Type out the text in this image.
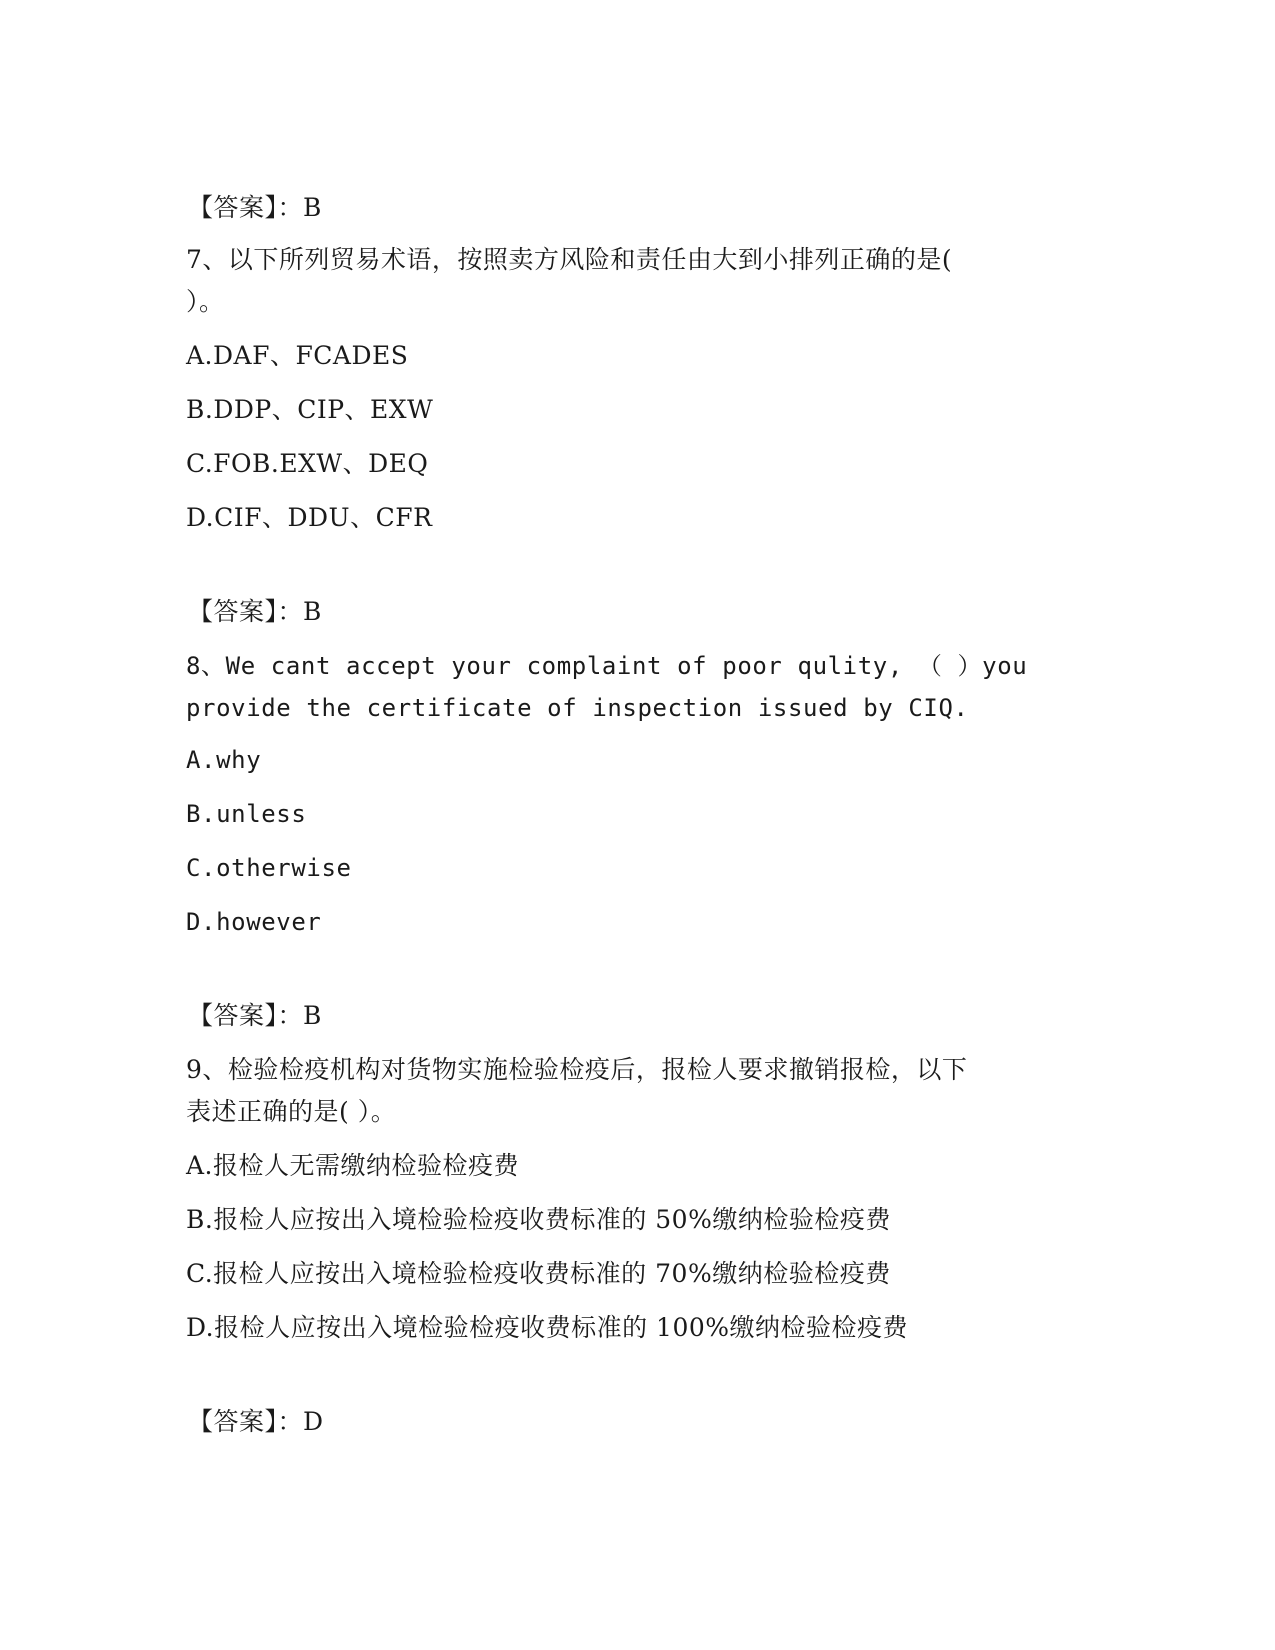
【答案】：B
7、以下所列贸易术语，按照卖方风险和责任由大到小排列正确的是(
）。
A.DAF、FCADES
B.DDP、CIP、EXW
C.FOB.EXW、DEQ
D.CIF、DDU、CFR
【答案】：B
8、We cant accept your complaint of poor qulity, （ ）you
provide the certificate of inspection issued by CIQ.
A.why
B.unless
C.otherwise
D.however
【答案】：B
9、检验检疫机构对货物实施检验检疫后，报检人要求撤销报检，以下
表述正确的是( ）。
A.报检人无需缴纳检验检疫费
B.报检人应按出入境检验检疫收费标准的 50%缴纳检验检疫费
C.报检人应按出入境检验检疫收费标准的 70%缴纳检验检疫费
D.报检人应按出入境检验检疫收费标准的 100%缴纳检验检疫费
【答案】：D
